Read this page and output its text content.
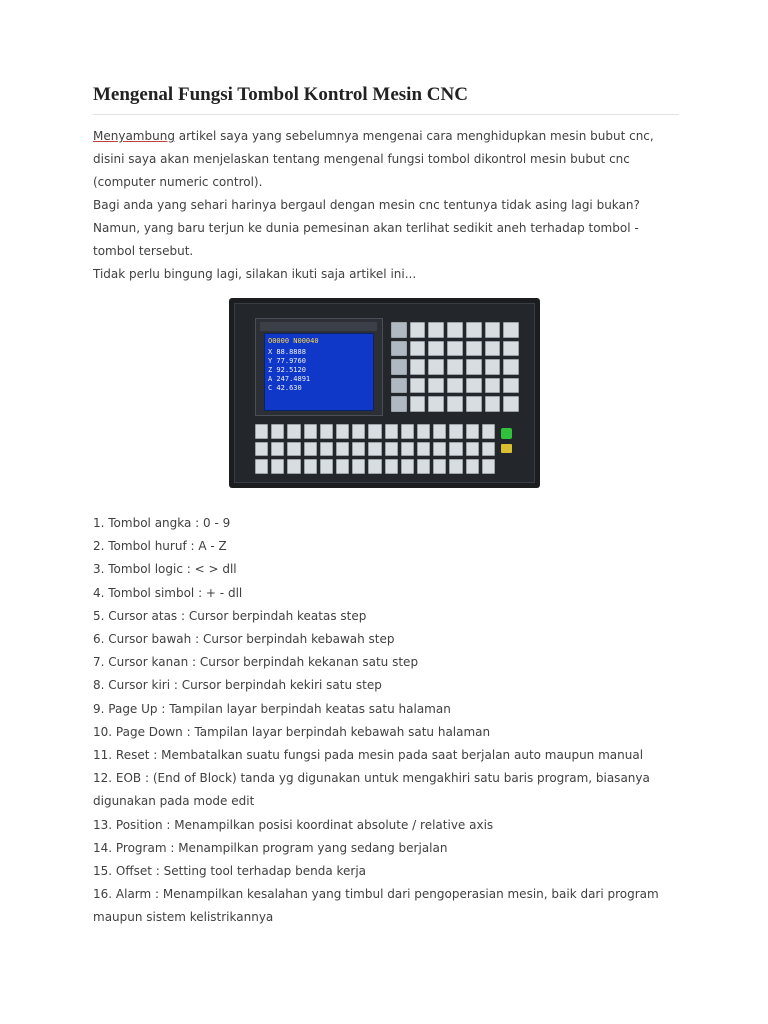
Mengenal Fungsi Tombol Kontrol Mesin CNC

Menyambung artikel saya yang sebelumnya mengenai cara menghidupkan mesin bubut cnc, disini saya akan menjelaskan tentang mengenal fungsi tombol dikontrol mesin bubut cnc (computer numeric control).

Bagi anda yang sehari harinya bergaul dengan mesin cnc tentunya tidak asing lagi bukan? Namun, yang baru terjun ke dunia pemesinan akan terlihat sedikit aneh terhadap tombol - tombol tersebut.

Tidak perlu bingung lagi, silakan ikuti saja artikel ini...

O0000 N00040
X 88.8888
Y 77.9760
Z 92.5120
A 247.4891
C 42.630

1. Tombol angka : 0 - 9

2. Tombol huruf : A - Z

3. Tombol logic : < > dll

4. Tombol simbol : + - dll

5. Cursor atas : Cursor berpindah keatas step

6. Cursor bawah : Cursor berpindah kebawah step

7. Cursor kanan : Cursor berpindah kekanan satu step

8. Cursor kiri : Cursor berpindah kekiri satu step

9. Page Up : Tampilan layar berpindah keatas satu halaman

10. Page Down : Tampilan layar berpindah kebawah satu halaman

11. Reset : Membatalkan suatu fungsi pada mesin pada saat berjalan auto maupun manual

12. EOB : (End of Block) tanda yg digunakan untuk mengakhiri satu baris program, biasanya digunakan pada mode edit

13. Position : Menampilkan posisi koordinat absolute / relative axis

14. Program : Menampilkan program yang sedang berjalan

15. Offset : Setting tool terhadap benda kerja

16. Alarm : Menampilkan kesalahan yang timbul dari pengoperasian mesin, baik dari program maupun sistem kelistrikannya
